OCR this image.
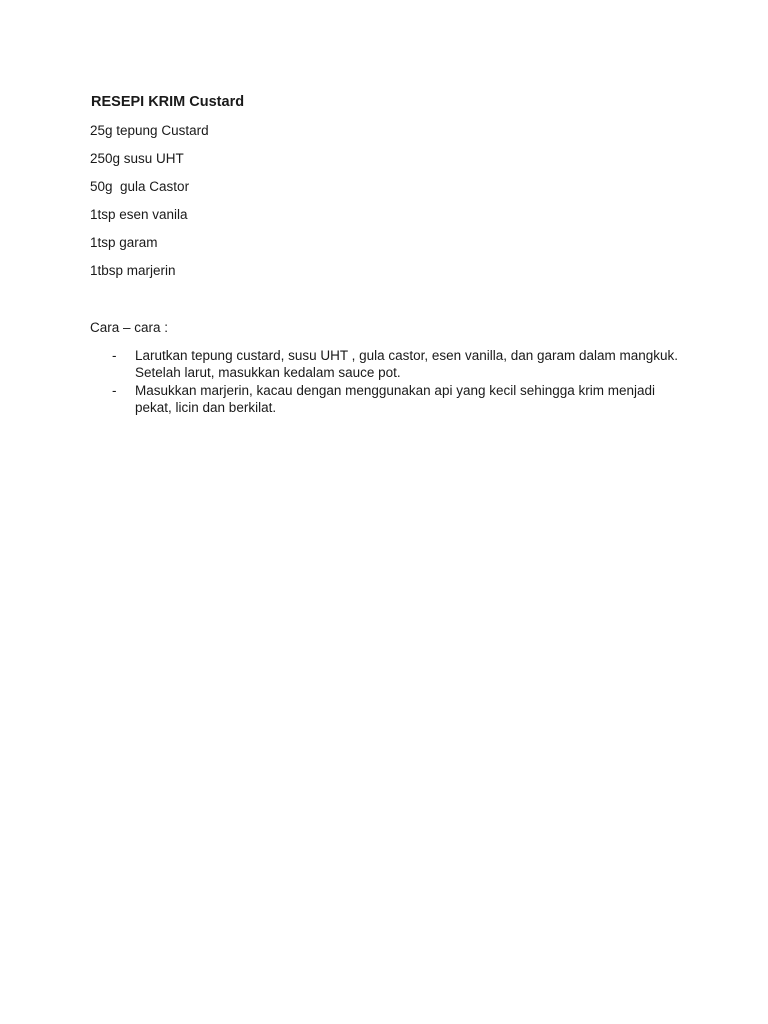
RESEPI KRIM Custard
25g tepung Custard
250g susu UHT
50g  gula Castor
1tsp esen vanila
1tsp garam
1tbsp marjerin
Cara – cara :
- Larutkan tepung custard, susu UHT , gula castor, esen vanilla, dan garam dalam mangkuk. Setelah larut, masukkan kedalam sauce pot.
- Masukkan marjerin, kacau dengan menggunakan api yang kecil sehingga krim menjadi pekat, licin dan berkilat.
